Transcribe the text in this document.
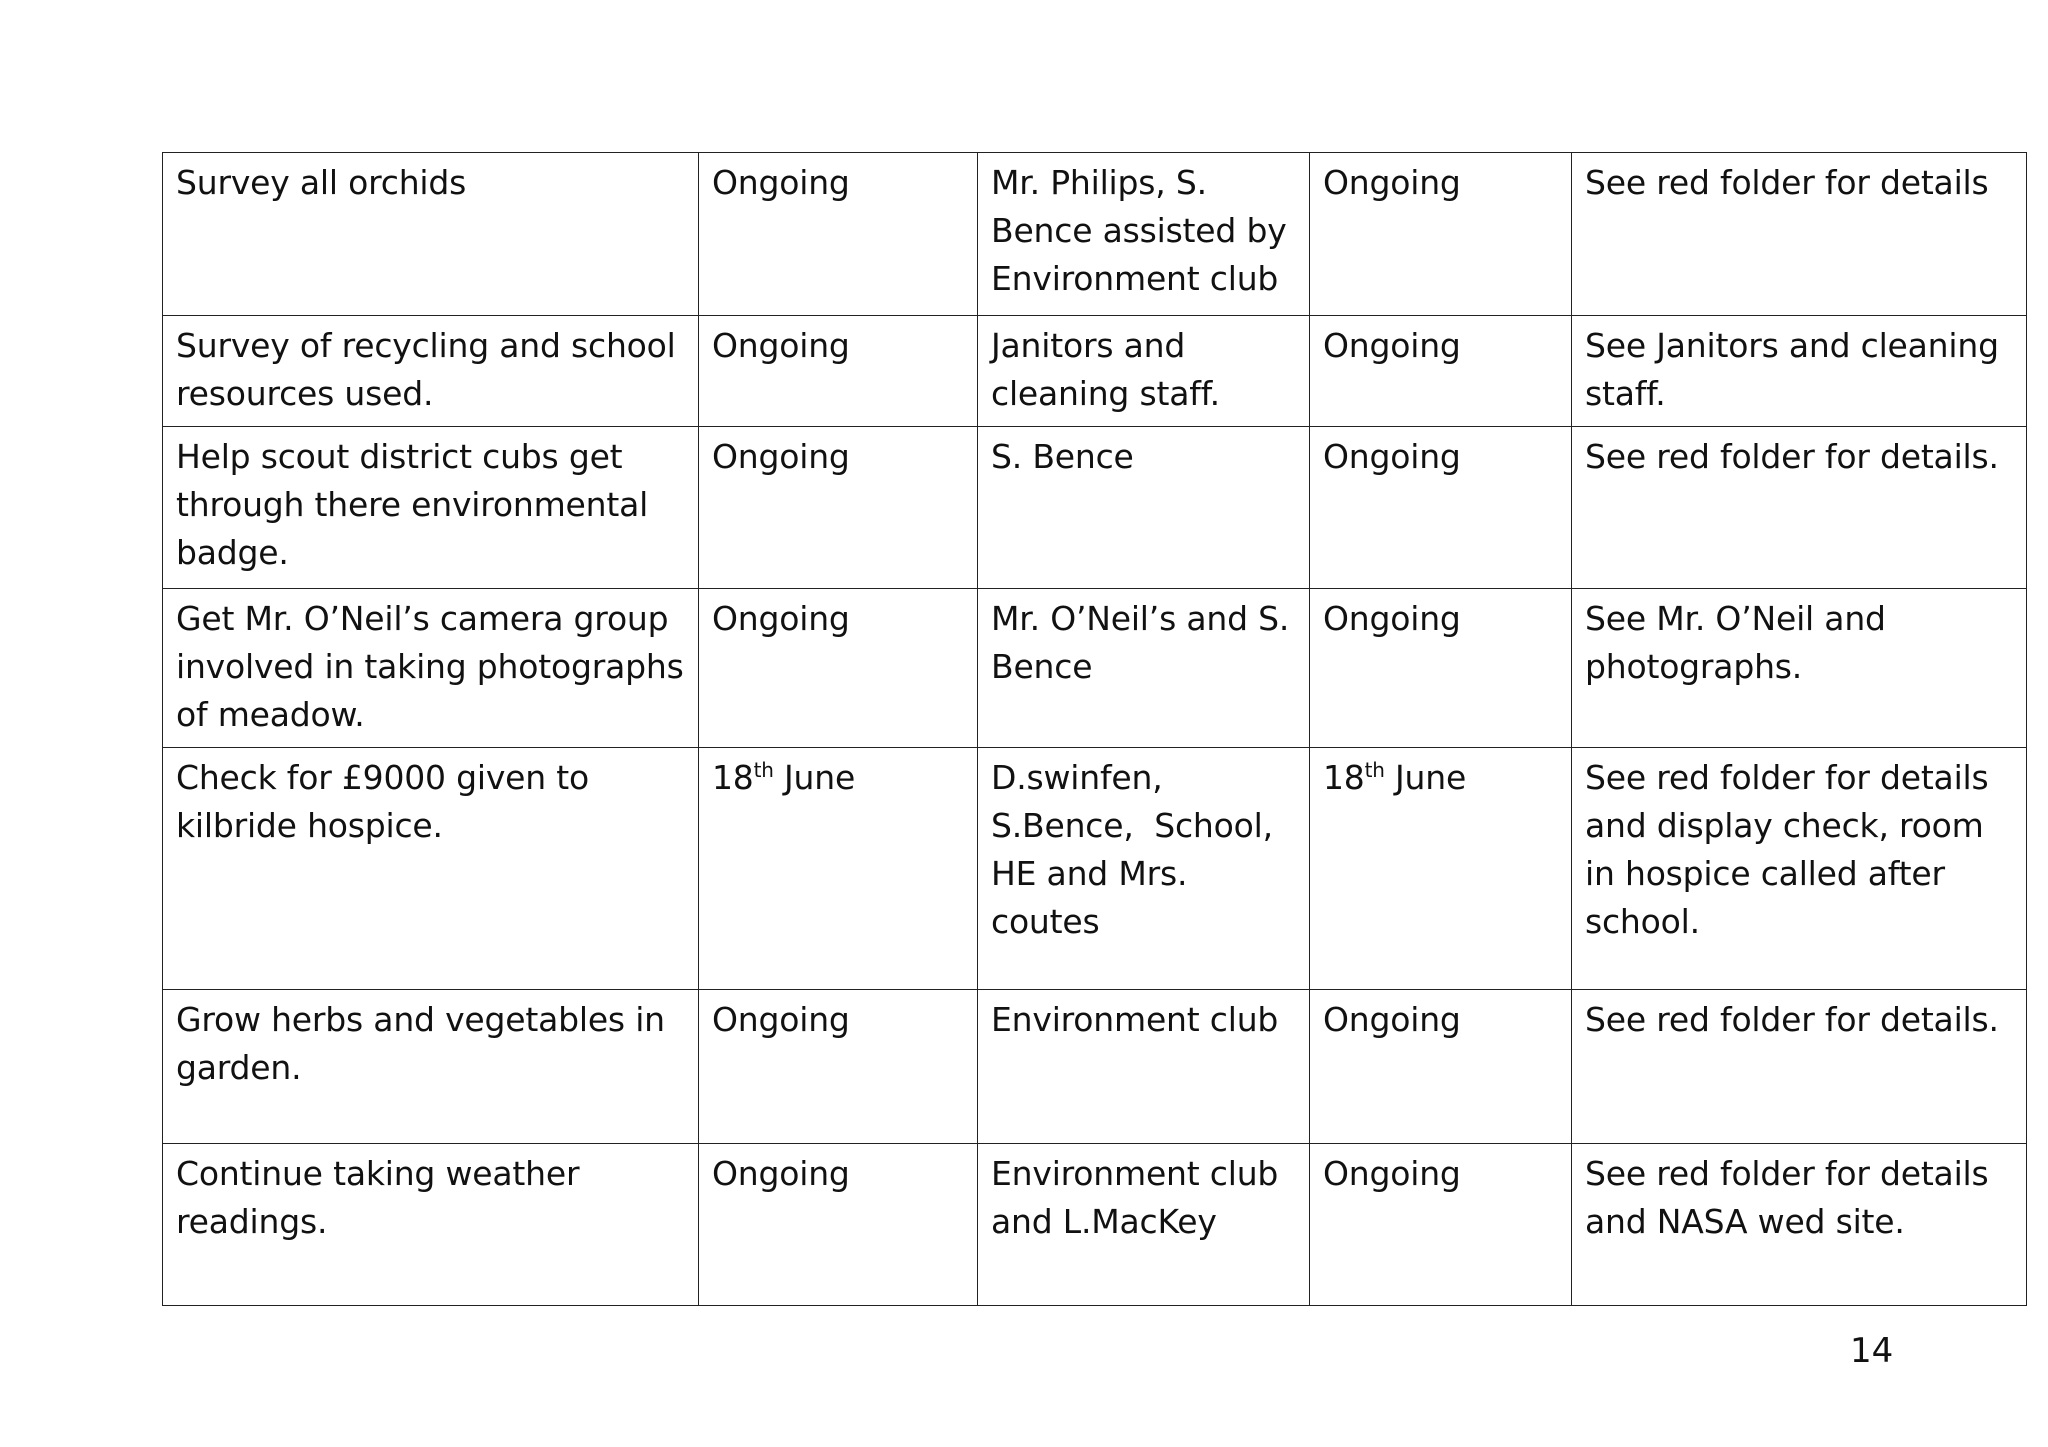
Survey all orchids	Ongoing	Mr. Philips, S. Bence assisted by Environment club	Ongoing	See red folder for details
Survey of recycling and school resources used.	Ongoing	Janitors and cleaning staff.	Ongoing	See Janitors and cleaning staff.
Help scout district cubs get through there environmental badge.	Ongoing	S. Bence	Ongoing	See red folder for details.
Get Mr. O’Neil’s camera group involved in taking photographs of meadow.	Ongoing	Mr. O’Neil’s and S. Bence	Ongoing	See Mr. O’Neil and photographs.
Check for £9000 given to kilbride hospice.	18th June	D.swinfen, S.Bence,  School, HE and Mrs. coutes	18th June	See red folder for details and display check, room in hospice called after school.
Grow herbs and vegetables in garden.	Ongoing	Environment club	Ongoing	See red folder for details.
Continue taking weather readings.	Ongoing	Environment club and L.MacKey	Ongoing	See red folder for details and NASA wed site.
14
